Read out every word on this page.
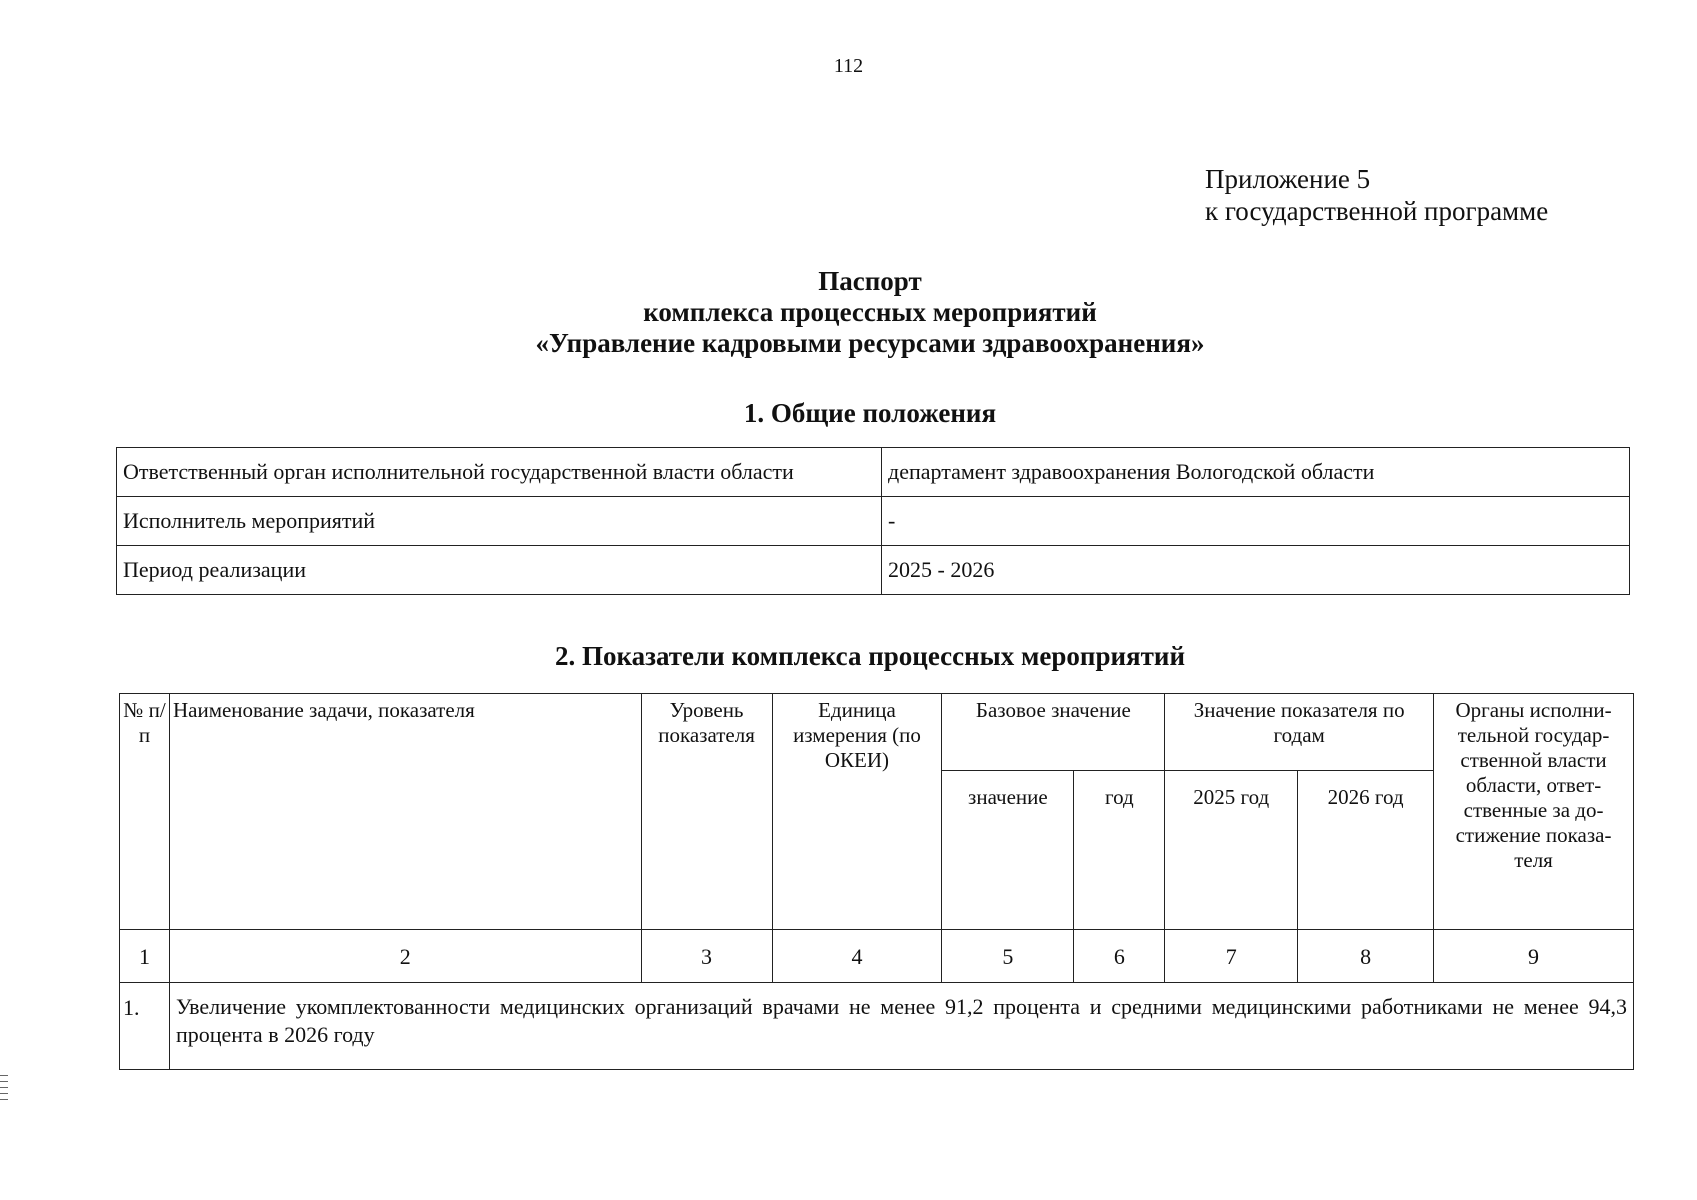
112
Приложение 5
к государственной программе
Паспорт
комплекса процессных мероприятий
«Управление кадровыми ресурсами здравоохранения»
1. Общие положения
Ответственный орган исполнительной государственной власти области	департамент здравоохранения Вологодской области
Исполнитель мероприятий	-
Период реализации	2025 - 2026
2. Показатели комплекса процессных мероприятий
№ п/п	Наименование задачи, показателя	Уровень показателя	Единица измерения (по ОКЕИ)	Базовое значение		Значение показателя по годам		Органы исполни-тельной государ-ственной власти области, ответ-ственные за до-стижение показа-теля
				значение	год	2025 год	2026 год	
1	2	3	4	5	6	7	8	9
1.	Увеличение укомплектованности медицинских организаций врачами не менее 91,2 процента и средними медицинскими работниками не менее 94,3 процента в 2026 году							
